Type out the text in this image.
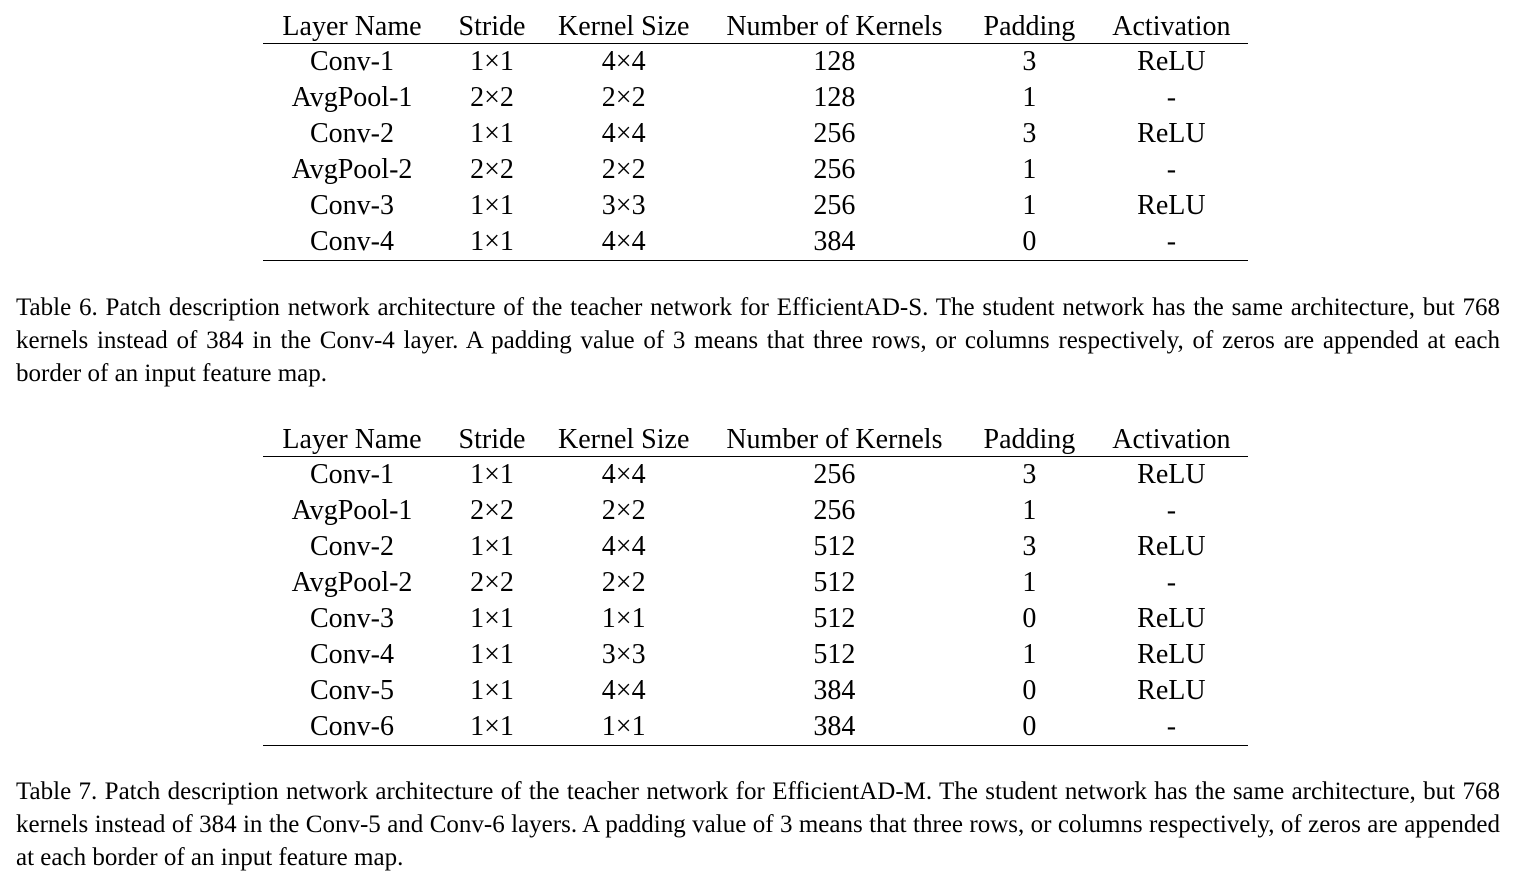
Layer Name	Stride	Kernel Size	Number of Kernels	Padding	Activation
Conv-1	1×1	4×4	128	3	ReLU
AvgPool-1	2×2	2×2	128	1	-
Conv-2	1×1	4×4	256	3	ReLU
AvgPool-2	2×2	2×2	256	1	-
Conv-3	1×1	3×3	256	1	ReLU
Conv-4	1×1	4×4	384	0	-

Table 6. Patch description network architecture of the teacher network for EfficientAD-S. The student network has the same architecture, but 768 kernels instead of 384 in the Conv-4 layer. A padding value of 3 means that three rows, or columns respectively, of zeros are appended at each border of an input feature map.

Layer Name	Stride	Kernel Size	Number of Kernels	Padding	Activation
Conv-1	1×1	4×4	256	3	ReLU
AvgPool-1	2×2	2×2	256	1	-
Conv-2	1×1	4×4	512	3	ReLU
AvgPool-2	2×2	2×2	512	1	-
Conv-3	1×1	1×1	512	0	ReLU
Conv-4	1×1	3×3	512	1	ReLU
Conv-5	1×1	4×4	384	0	ReLU
Conv-6	1×1	1×1	384	0	-

Table 7. Patch description network architecture of the teacher network for EfficientAD-M. The student network has the same architecture, but 768 kernels instead of 384 in the Conv-5 and Conv-6 layers. A padding value of 3 means that three rows, or columns respectively, of zeros are appended at each border of an input feature map.
